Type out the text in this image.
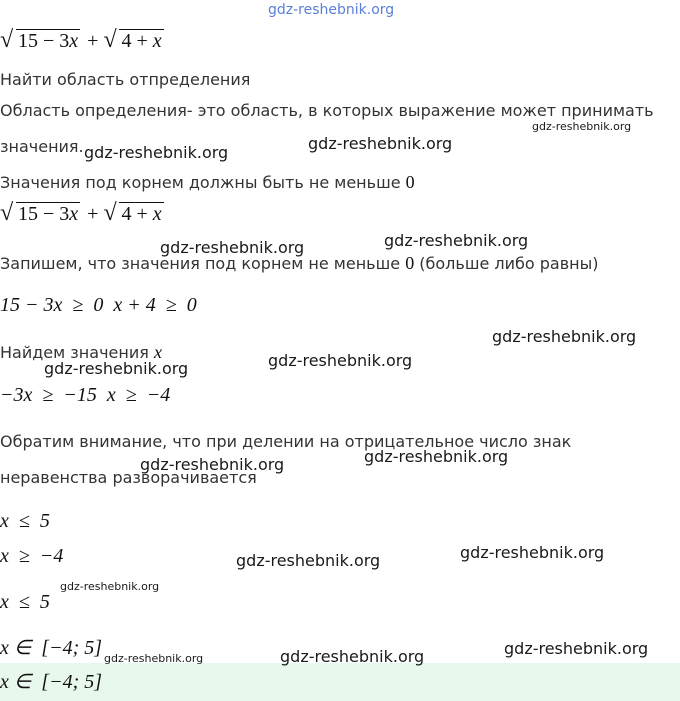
gdz-reshebnik.org
√ 15 − 3x + √ 4 + x
Найти область отпределения
Область определения- это область, в которых выражение может принимать
значения.
Значения под корнем должны быть не меньше 0
√ 15 − 3x + √ 4 + x
Запишем, что значения под корнем не меньше 0 (больше либо равны)
15 − 3x  ≥  0  x + 4  ≥  0
Найдем значения x
−3x  ≥  −15  x  ≥  −4
Обратим внимание, что при делении на отрицательное число знак
неравенства разворачивается
x  ≤  5
x  ≥  −4
x  ≤  5
x ∈  [−4; 5]
x ∈  [−4; 5]
gdz-reshebnik.org
gdz-reshebnik.org	gdz-reshebnik.org
gdz-reshebnik.org	gdz-reshebnik.org
gdz-reshebnik.org
gdz-reshebnik.org
gdz-reshebnik.org
gdz-reshebnik.org
gdz-reshebnik.org
gdz-reshebnik.org
gdz-reshebnik.org
gdz-reshebnik.org
gdz-reshebnik.org
gdz-reshebnik.org
gdz-reshebnik.org
